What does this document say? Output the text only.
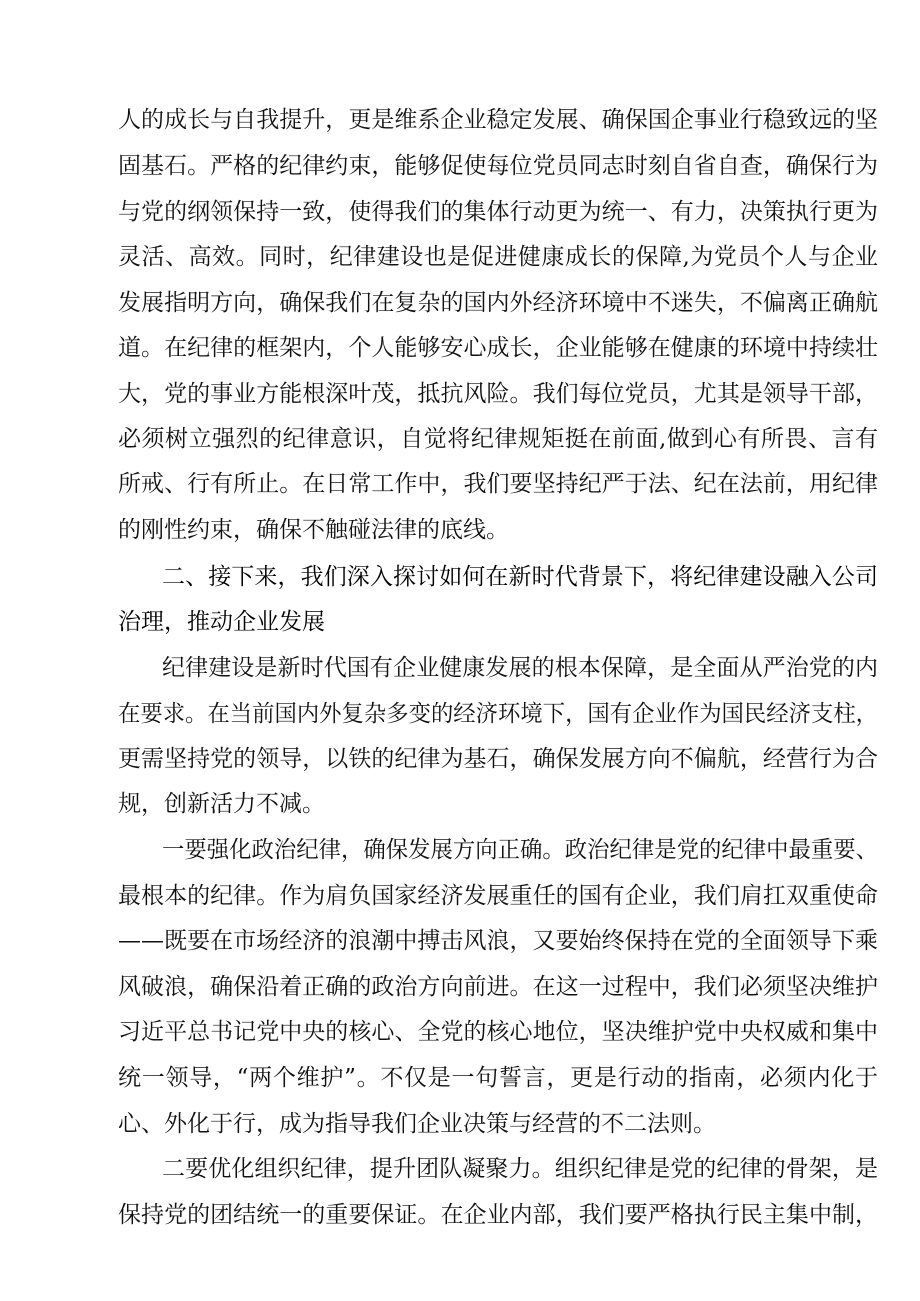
人的成长与自我提升，更是维系企业稳定发展、确保国企事业行稳致远的坚
固基石。严格的纪律约束，能够促使每位党员同志时刻自省自查，确保行为
与党的纲领保持一致，使得我们的集体行动更为统一、有力，决策执行更为
灵活、高效。同时，纪律建设也是促进健康成长的保障,为党员个人与企业
发展指明方向，确保我们在复杂的国内外经济环境中不迷失，不偏离正确航
道。在纪律的框架内，个人能够安心成长，企业能够在健康的环境中持续壮
大，党的事业方能根深叶茂，抵抗风险。我们每位党员，尤其是领导干部，
必须树立强烈的纪律意识，自觉将纪律规矩挺在前面,做到心有所畏、言有
所戒、行有所止。在日常工作中，我们要坚持纪严于法、纪在法前，用纪律
的刚性约束，确保不触碰法律的底线。
二、接下来，我们深入探讨如何在新时代背景下，将纪律建设融入公司
治理，推动企业发展
纪律建设是新时代国有企业健康发展的根本保障，是全面从严治党的内
在要求。在当前国内外复杂多变的经济环境下，国有企业作为国民经济支柱，
更需坚持党的领导，以铁的纪律为基石，确保发展方向不偏航，经营行为合
规，创新活力不减。
一要强化政治纪律，确保发展方向正确。政治纪律是党的纪律中最重要、
最根本的纪律。作为肩负国家经济发展重任的国有企业，我们肩扛双重使命
——既要在市场经济的浪潮中搏击风浪，又要始终保持在党的全面领导下乘
风破浪，确保沿着正确的政治方向前进。在这一过程中，我们必须坚决维护
习近平总书记党中央的核心、全党的核心地位，坚决维护党中央权威和集中
统一领导，“两个维护”。不仅是一句誓言，更是行动的指南，必须内化于
心、外化于行，成为指导我们企业决策与经营的不二法则。
二要优化组织纪律，提升团队凝聚力。组织纪律是党的纪律的骨架，是
保持党的团结统一的重要保证。在企业内部，我们要严格执行民主集中制，
